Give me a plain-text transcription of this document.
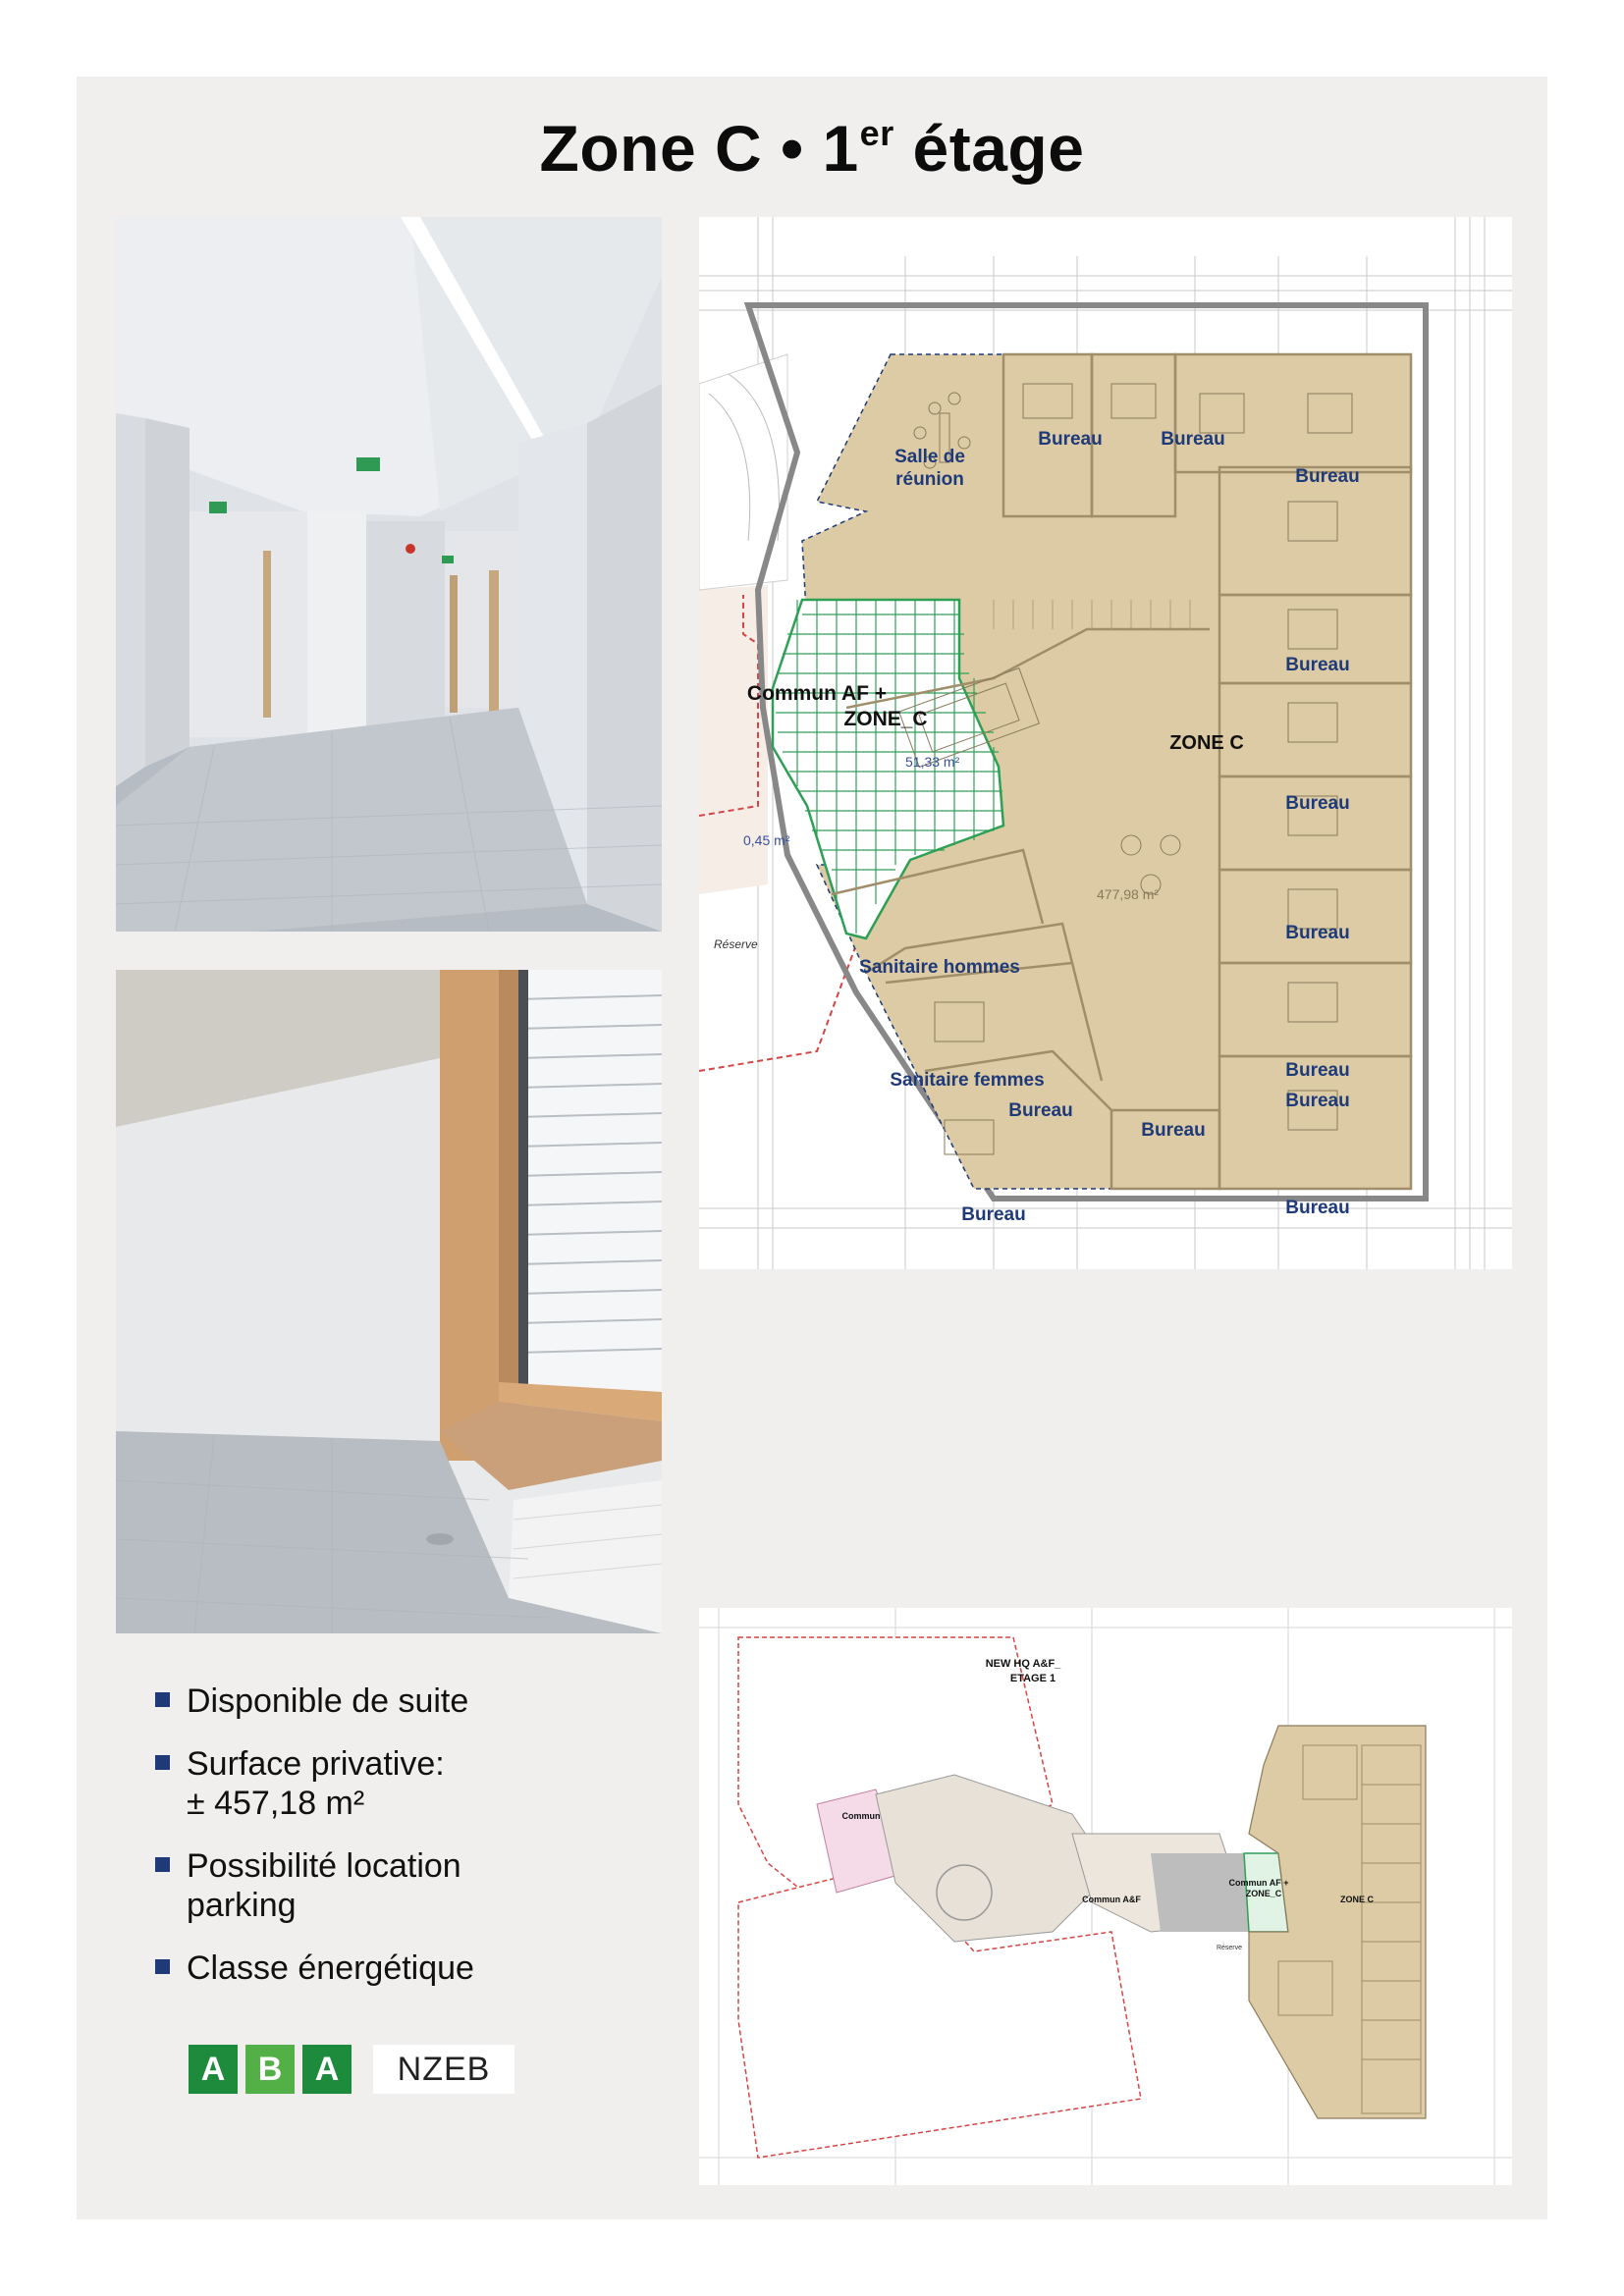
Zone C • 1er étage
Salle de
réunion
Bureau	Bureau
Bureau
Bureau
Bureau
Bureau
Bureau
Bureau
Bureau
Bureau
Bureau
Bureau
Commun AF +
ZONE_C
51,33 m²
0,45 m²
ZONE C
477,98 m²
Sanitaire hommes
Sanitaire femmes
Réserve
NEW HQ A&F_
ETAGE 1
Commun
Commun A&F
Commun AF +
ZONE_C
ZONE C
Réserve
Disponible de suite
Surface privative:
± 457,18 m²
Possibilité location
parking
Classe énergétique
A B A	NZEB
